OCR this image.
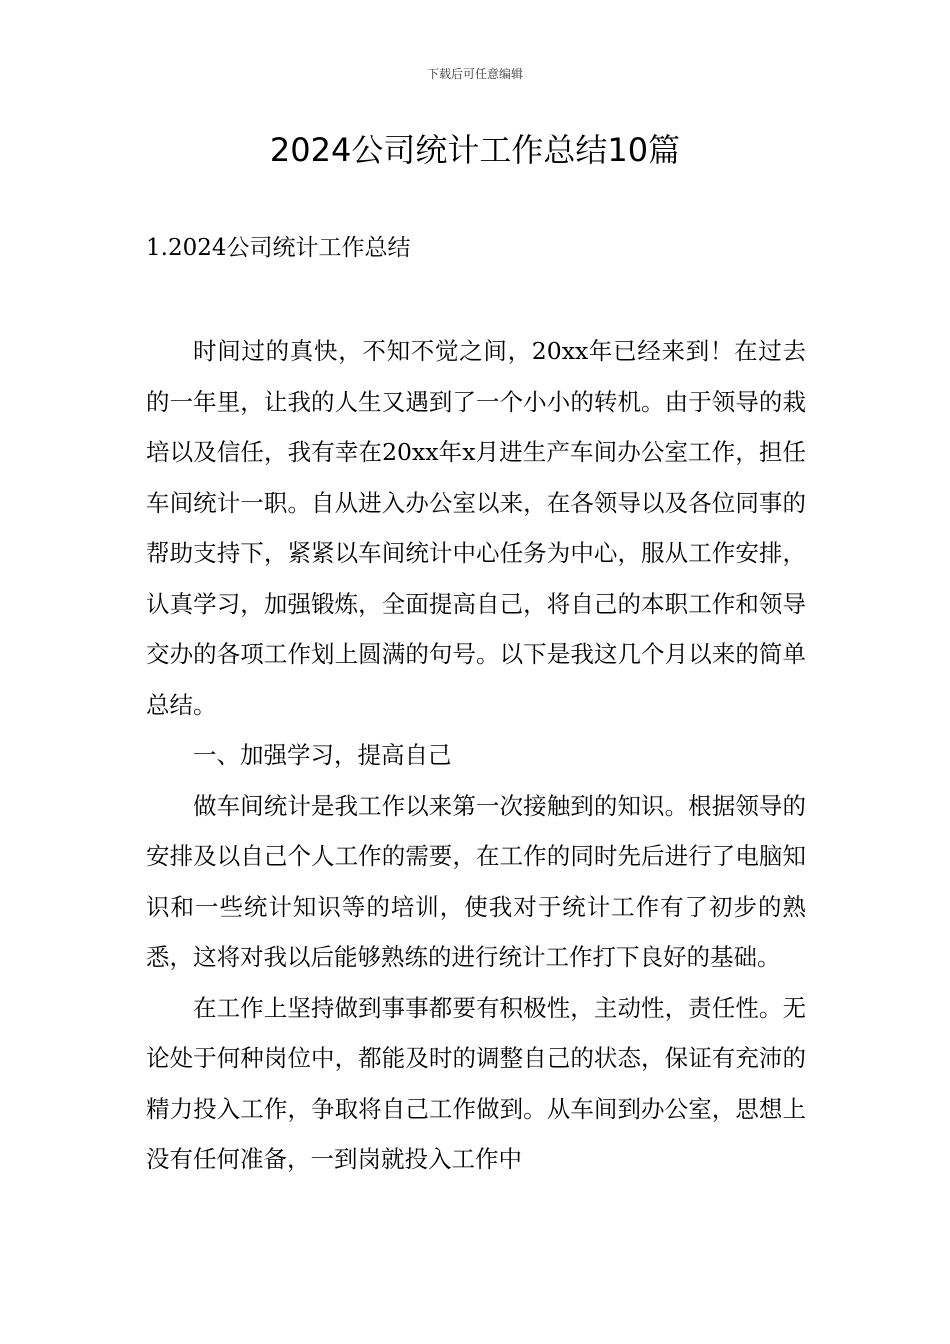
下载后可任意编辑
2024公司统计工作总结10篇
1.2024公司统计工作总结

时间过的真快，不知不觉之间，20xx年已经来到！在过去的一年里，让我的人生又遇到了一个小小的转机。由于领导的栽培以及信任，我有幸在20xx年x月进生产车间办公室工作，担任车间统计一职。自从进入办公室以来，在各领导以及各位同事的帮助支持下，紧紧以车间统计中心任务为中心，服从工作安排，认真学习，加强锻炼，全面提高自己，将自己的本职工作和领导交办的各项工作划上圆满的句号。以下是我这几个月以来的简单总结。

一、加强学习，提高自己

做车间统计是我工作以来第一次接触到的知识。根据领导的安排及以自己个人工作的需要，在工作的同时先后进行了电脑知识和一些统计知识等的培训，使我对于统计工作有了初步的熟悉，这将对我以后能够熟练的进行统计工作打下良好的基础。

在工作上坚持做到事事都要有积极性，主动性，责任性。无论处于何种岗位中，都能及时的调整自己的状态，保证有充沛的精力投入工作，争取将自己工作做到。从车间到办公室，思想上没有任何准备，一到岗就投入工作中
